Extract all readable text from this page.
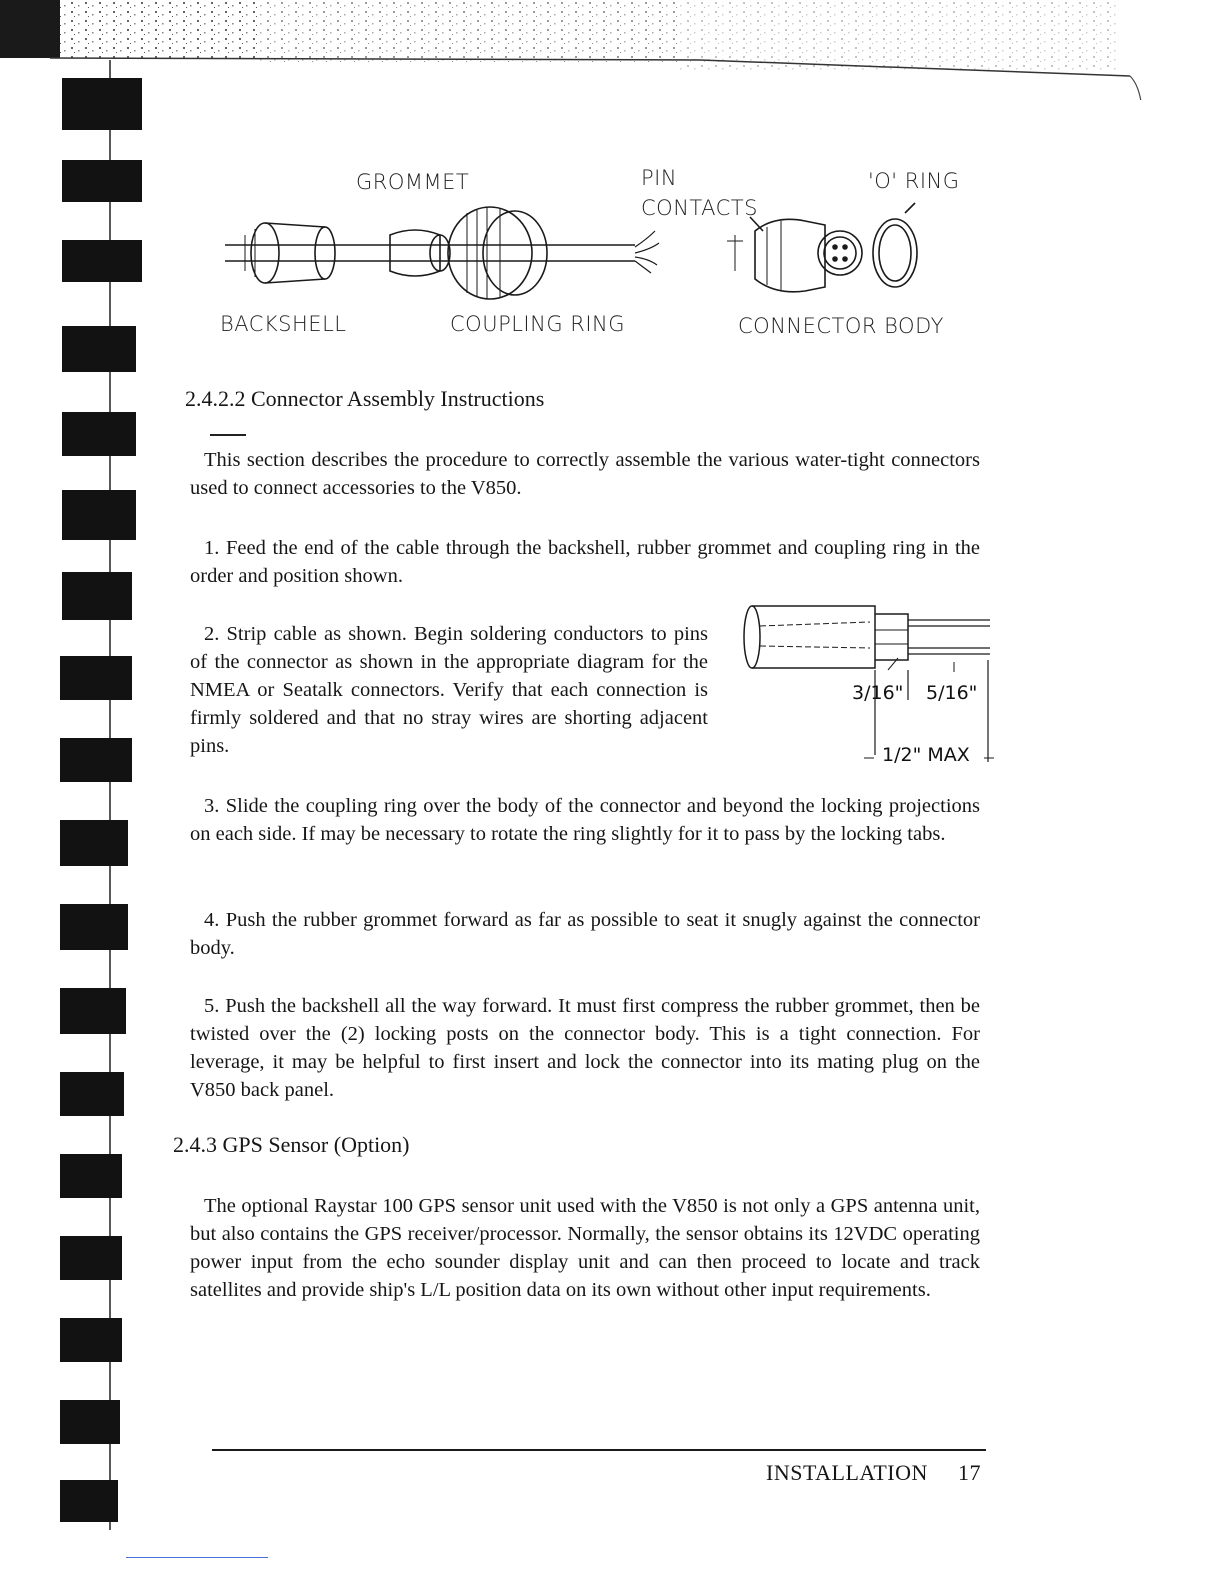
GROMMET	PIN
CONTACTS
'O' RING
BACKSHELL	COUPLING RING	CONNECTOR BODY
2.4.2.2 Connector Assembly Instructions

This section describes the procedure to correctly assemble the various water-tight connectors used to connect accessories to the V850.

1. Feed the end of the cable through the backshell, rubber grommet and coupling ring in the order and position shown.

2. Strip cable as shown. Begin soldering conductors to pins of the connector as shown in the appropriate diagram for the NMEA or Seatalk connectors. Verify that each connection is firmly soldered and that no stray wires are shorting adjacent pins.

3/16" 5/16"
1/2" MAX

3. Slide the coupling ring over the body of the connector and beyond the locking projections on each side. If may be necessary to rotate the ring slightly for it to pass by the locking tabs.

4. Push the rubber grommet forward as far as possible to seat it snugly against the connector body.

5. Push the backshell all the way forward. It must first compress the rubber grommet, then be twisted over the (2) locking posts on the connector body. This is a tight connection. For leverage, it may be helpful to first insert and lock the connector into its mating plug on the V850 back panel.

2.4.3 GPS Sensor (Option)

The optional Raystar 100 GPS sensor unit used with the V850 is not only a GPS antenna unit, but also contains the GPS receiver/processor. Normally, the sensor obtains its 12VDC operating power input from the echo sounder display unit and can then proceed to locate and track satellites and provide ship's L/L position data on its own without other input requirements.

INSTALLATION 17
